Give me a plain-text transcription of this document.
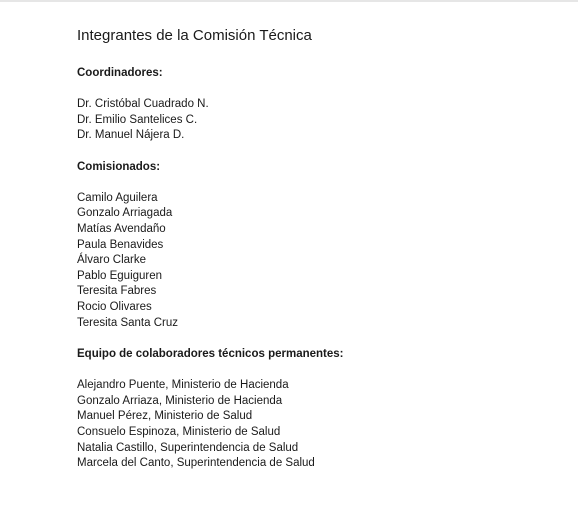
Integrantes de la Comisión Técnica
Coordinadores:
Dr. Cristóbal Cuadrado N.
Dr. Emilio Santelices C.
Dr. Manuel Nájera D.
Comisionados:
Camilo Aguilera
Gonzalo Arriagada
Matías Avendaño
Paula Benavides
Álvaro Clarke
Pablo Eguiguren
Teresita Fabres
Rocio Olivares
Teresita Santa Cruz
Equipo de colaboradores técnicos permanentes:
Alejandro Puente, Ministerio de Hacienda
Gonzalo Arriaza, Ministerio de Hacienda
Manuel Pérez, Ministerio de Salud
Consuelo Espinoza, Ministerio de Salud
Natalia Castillo, Superintendencia de Salud
Marcela del Canto, Superintendencia de Salud
